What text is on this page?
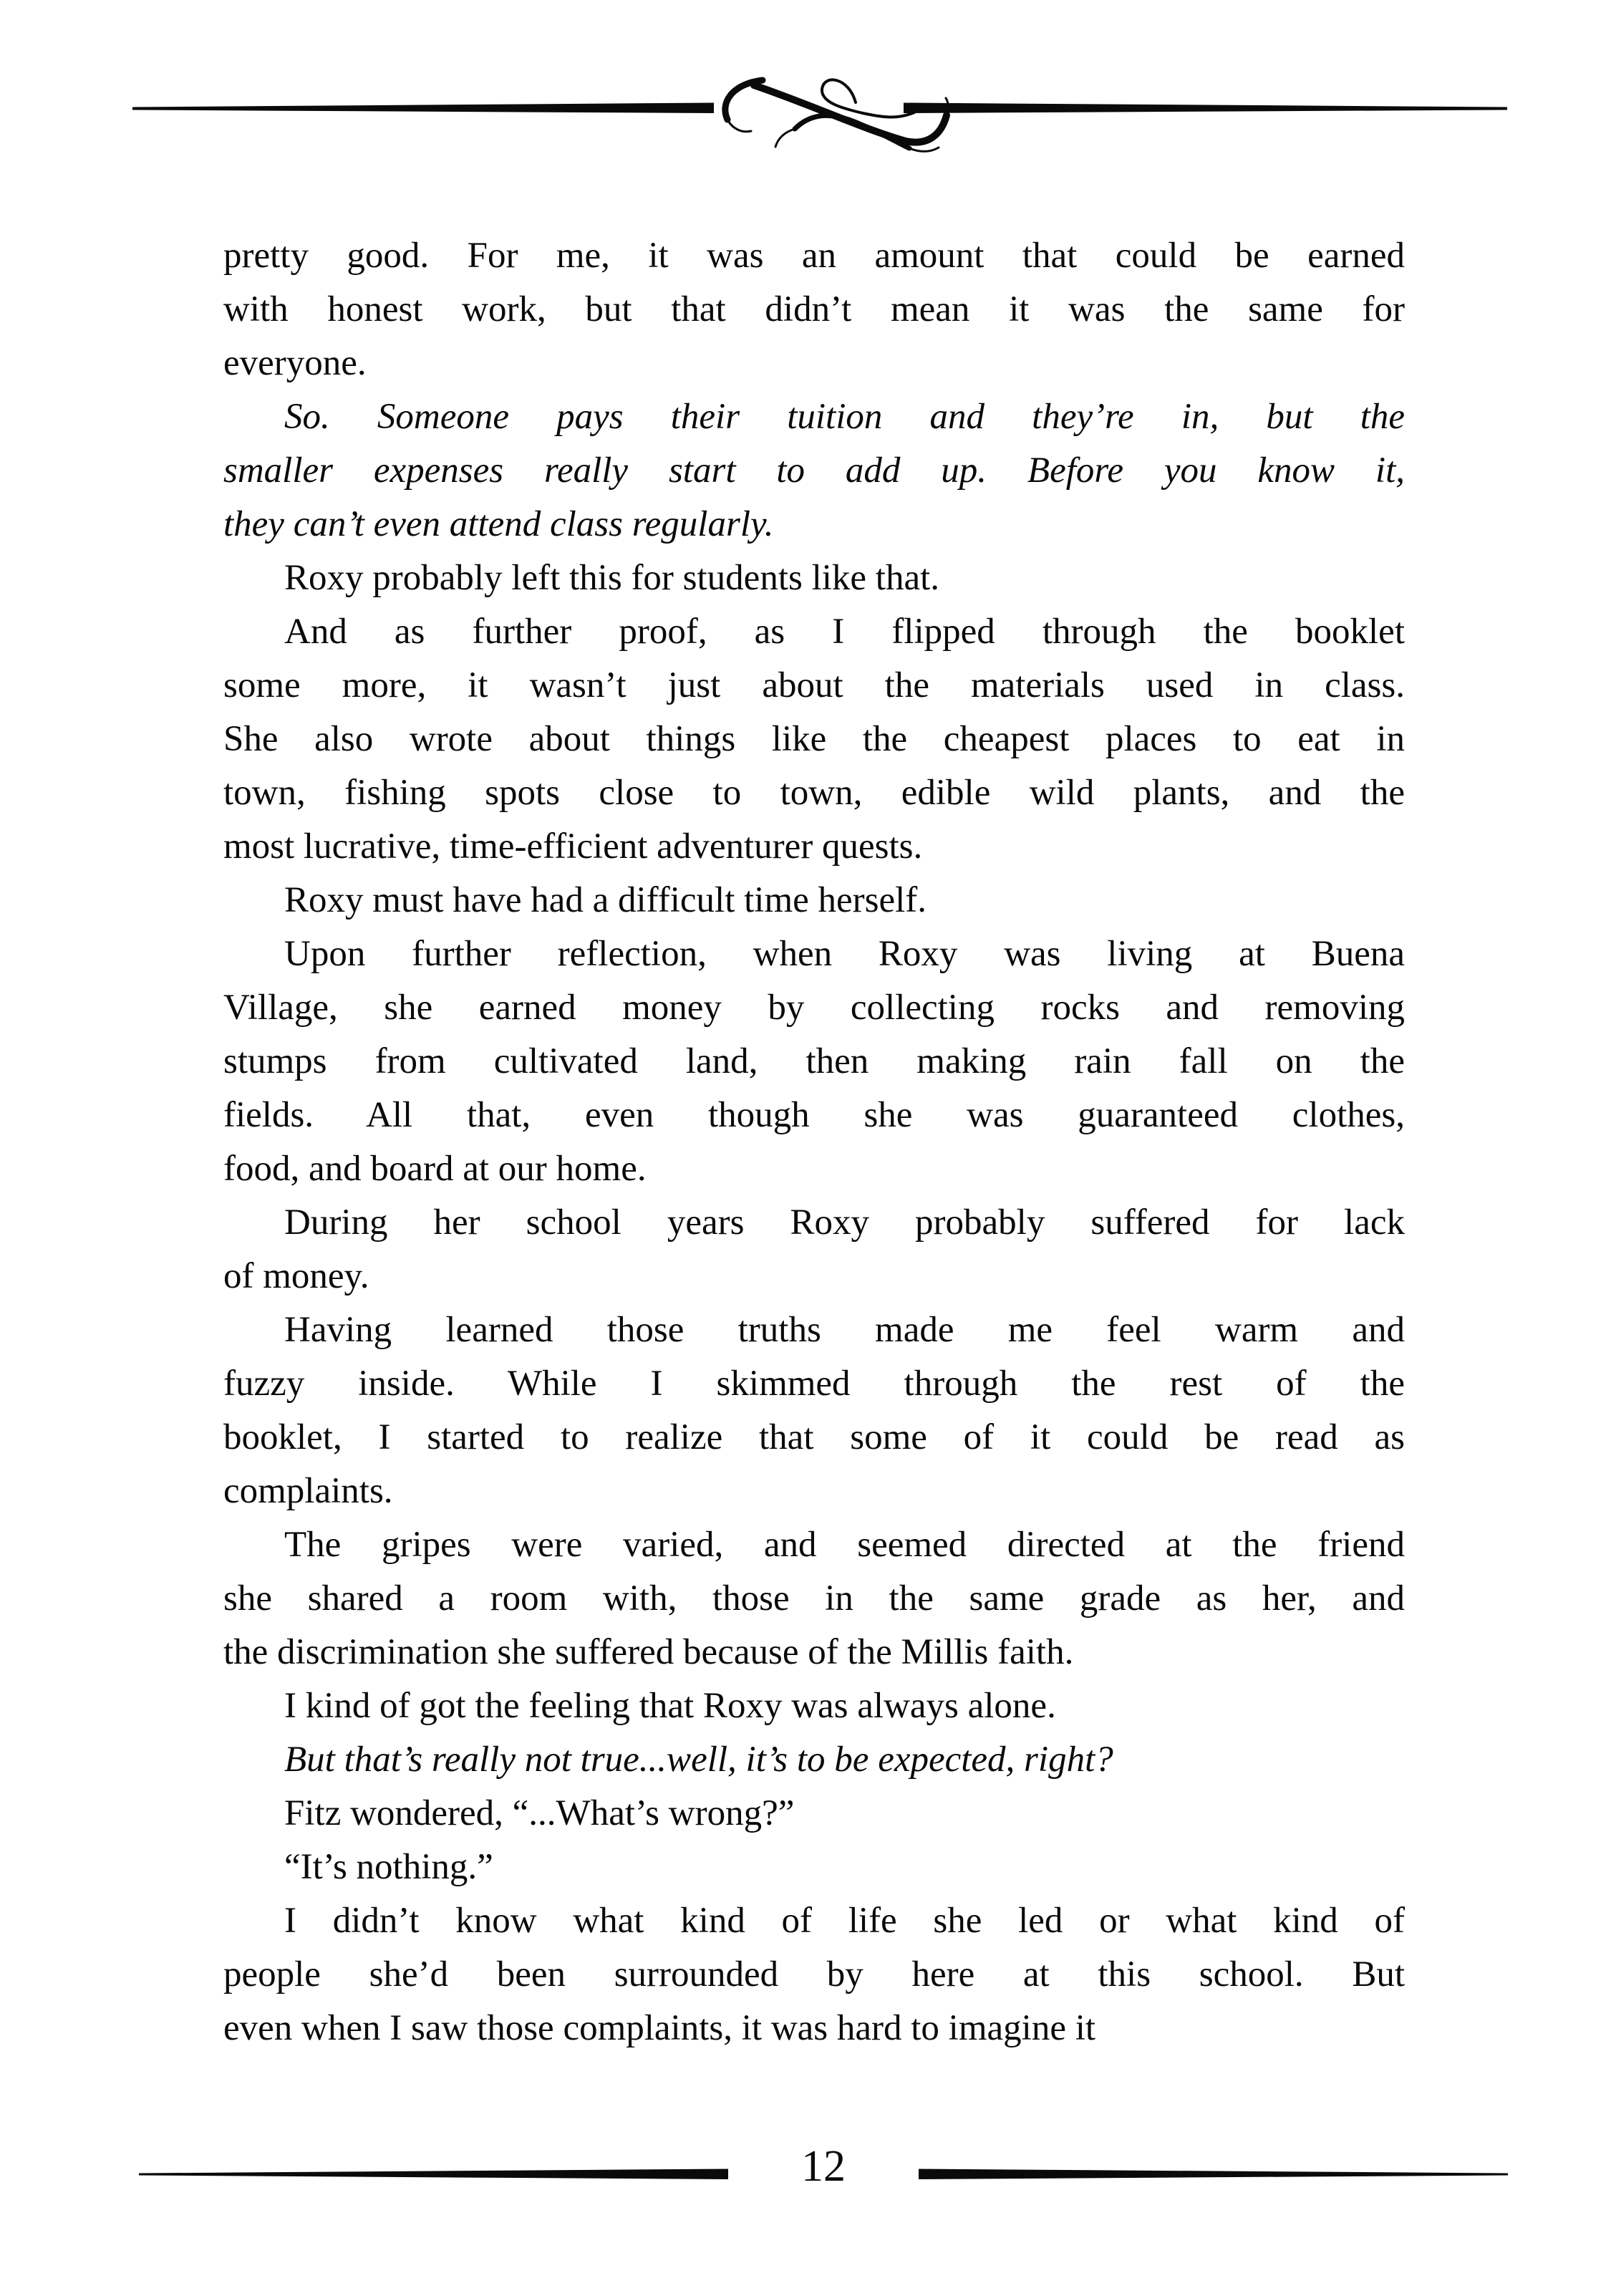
pretty good. For me, it was an amount that could be earned
with honest work, but that didn’t mean it was the same for
everyone.

So. Someone pays their tuition and they’re in, but the
smaller expenses really start to add up. Before you know it,
they can’t even attend class regularly.

Roxy probably left this for students like that.

And as further proof, as I flipped through the booklet
some more, it wasn’t just about the materials used in class.
She also wrote about things like the cheapest places to eat in
town, fishing spots close to town, edible wild plants, and the
most lucrative, time-efficient adventurer quests.

Roxy must have had a difficult time herself.

Upon further reflection, when Roxy was living at Buena
Village, she earned money by collecting rocks and removing
stumps from cultivated land, then making rain fall on the
fields. All that, even though she was guaranteed clothes,
food, and board at our home.

During her school years Roxy probably suffered for lack
of money.

Having learned those truths made me feel warm and
fuzzy inside. While I skimmed through the rest of the
booklet, I started to realize that some of it could be read as
complaints.

The gripes were varied, and seemed directed at the friend
she shared a room with, those in the same grade as her, and
the discrimination she suffered because of the Millis faith.

I kind of got the feeling that Roxy was always alone.

But that’s really not true...well, it’s to be expected, right?

Fitz wondered, “...What’s wrong?”

“It’s nothing.”

I didn’t know what kind of life she led or what kind of
people she’d been surrounded by here at this school. But
even when I saw those complaints, it was hard to imagine it

12
